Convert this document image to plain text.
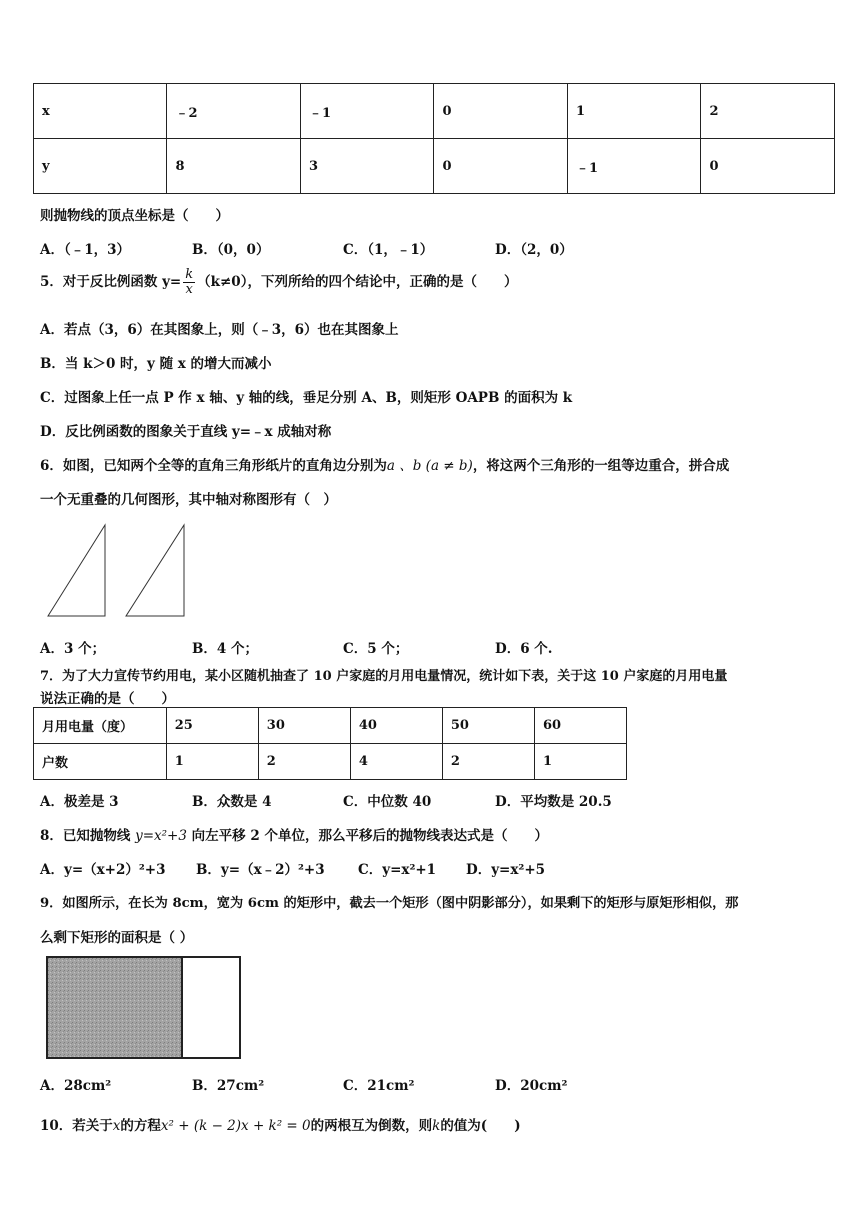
x	﹣2	﹣1	0	1	2
y	8	3	0	﹣1	0
则抛物线的顶点坐标是（　　）
A．（﹣1，3）	B．（0，0）	C．（1，﹣1）	D．（2，0）
5．对于反比例函数 $y= \frac{k}{x} (k\ne 0)$，下列所给的四个结论中，正确的是（　　）
A．若点（3，6）在其图象上，则（﹣3，6）也在其图象上
B．当 k＞0 时，y 随 x 的增大而减小
C．过图象上任一点 P 作 x 轴、y 轴的线，垂足分别 A、B，则矩形 OAPB 的面积为 k
D．反比例函数的图象关于直线 y=﹣x 成轴对称
6．如图，已知两个全等的直角三角形纸片的直角边分别为a 、b (a ≠ b)，将这两个三角形的一组等边重合，拼合成
一个无重叠的几何图形，其中轴对称图形有（　）
A．3 个；	B．4 个；	C．5 个；	D．6 个.
7．为了大力宣传节约用电，某小区随机抽查了 10 户家庭的月用电量情况，统计如下表，关于这 10 户家庭的月用电量
说法正确的是（　　）
月用电量（度）	25	30	40	50	60
户数	1	2	4	2	1
A．极差是 3	B．众数是 4	C．中位数 40	D．平均数是 20.5
8．已知抛物线 y=x²+3 向左平移 2 个单位，那么平移后的抛物线表达式是（　　）
A．y=（x+2）²+3 B．y=（x﹣2）²+3 C．y=x²+1 D．y=x²+5
9．如图所示，在长为 8cm，宽为 6cm 的矩形中，截去一个矩形（图中阴影部分），如果剩下的矩形与原矩形相似，那
么剩下矩形的面积是（ ）
A．28cm²	B．27cm²	C．21cm²	D．20cm²
10．若关于x的方程x² + (k − 2)x + k² = 0的两根互为倒数，则k的值为(　　)
